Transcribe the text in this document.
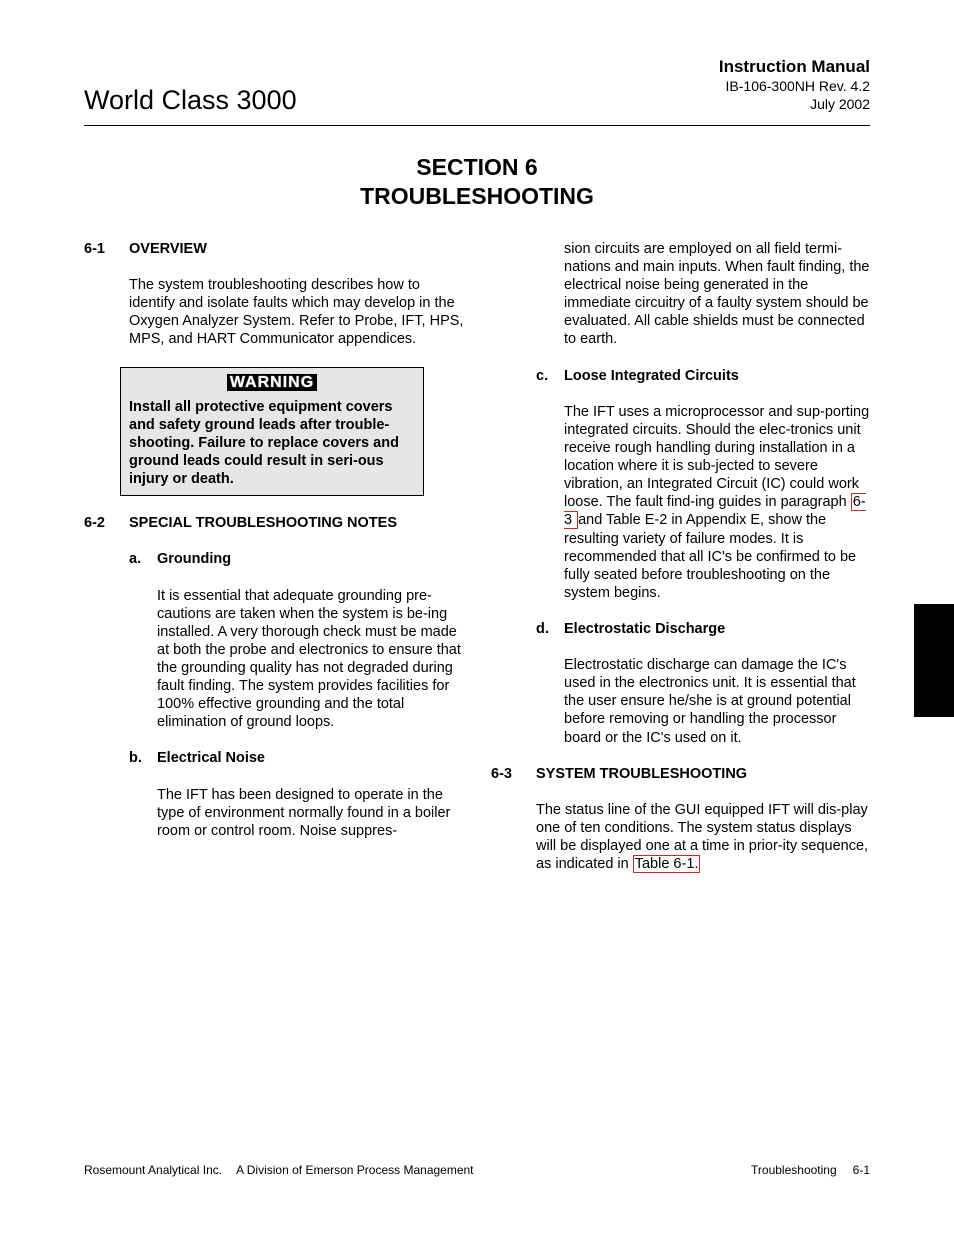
World Class 3000
Instruction Manual
IB-106-300NH Rev. 4.2
July 2002
SECTION 6
TROUBLESHOOTING
6-1	OVERVIEW

The system troubleshooting describes how to identify and isolate faults which may develop in the Oxygen Analyzer System. Refer to Probe, IFT, HPS, MPS, and HART Communicator appendices.

WARNING
Install all protective equipment covers and safety ground leads after trouble-shooting. Failure to replace covers and ground leads could result in seri-ous injury or death.
6-2	SPECIAL TROUBLESHOOTING NOTES
a.	Grounding

It is essential that adequate grounding pre-cautions are taken when the system is be-ing installed. A very thorough check must be made at both the probe and electronics to ensure that the grounding quality has not degraded during fault finding. The system provides facilities for 100% effective grounding and the total elimination of ground loops.

b.	Electrical Noise

The IFT has been designed to operate in the type of environment normally found in a boiler room or control room. Noise suppres-

sion circuits are employed on all field termi-nations and main inputs. When fault finding, the electrical noise being generated in the immediate circuitry of a faulty system should be evaluated. All cable shields must be connected to earth.

c.	Loose Integrated Circuits

The IFT uses a microprocessor and sup-porting integrated circuits. Should the elec-tronics unit receive rough handling during installation in a location where it is sub-jected to severe vibration, an Integrated Circuit (IC) could work loose. The fault find-ing guides in paragraph 6-3 and Table E-2 in Appendix E, show the resulting variety of failure modes. It is recommended that all IC's be confirmed to be fully seated before troubleshooting on the system begins.

d.	Electrostatic Discharge

Electrostatic discharge can damage the IC's used in the electronics unit. It is essential that the user ensure he/she is at ground potential before removing or handling the processor board or the IC's used on it.

6-3	SYSTEM TROUBLESHOOTING

The status line of the GUI equipped IFT will dis-play one of ten conditions. The system status displays will be displayed one at a time in prior-ity sequence, as indicated in Table 6-1.

Rosemount Analytical Inc. A Division of Emerson Process Management	Troubleshooting 6-1
